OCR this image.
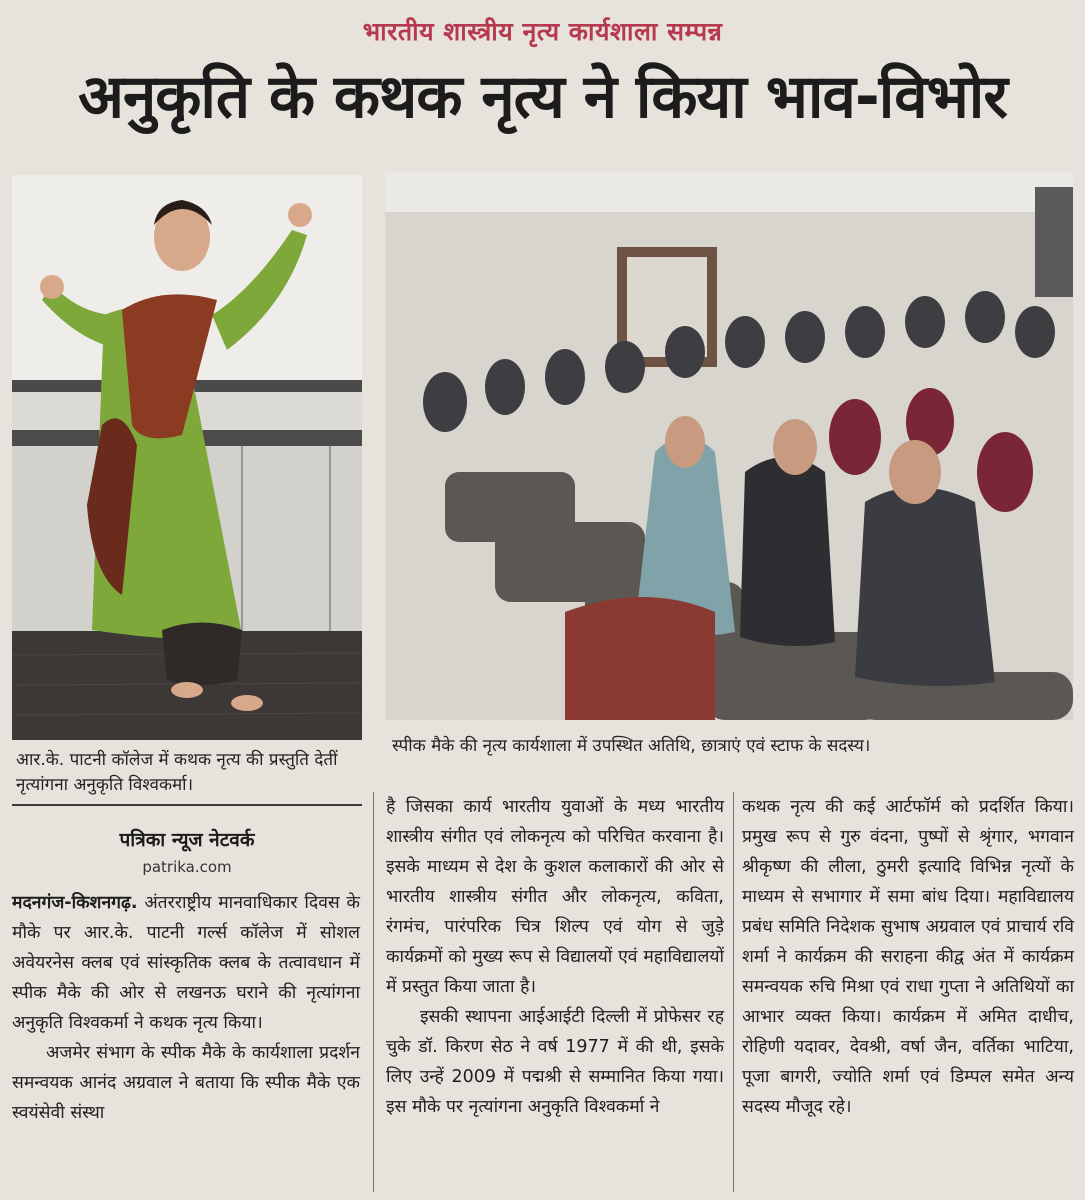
भारतीय शास्त्रीय नृत्य कार्यशाला सम्पन्न
अनुकृति के कथक नृत्य ने किया भाव-विभोर
आर.के. पाटनी कॉलेज में कथक नृत्य की प्रस्तुति देतीं नृत्यांगना अनुकृति विश्वकर्मा।
स्पीक मैके की नृत्य कार्यशाला में उपस्थित अतिथि, छात्राएं एवं स्टाफ के सदस्य।
पत्रिका न्यूज नेटवर्क
patrika.com

मदनगंज-किशनगढ़. अंतरराष्ट्रीय मानवाधिकार दिवस के मौके पर आर.के. पाटनी गर्ल्स कॉलेज में सोशल अवेयरनेस क्लब एवं सांस्कृतिक क्लब के तत्वावधान में स्पीक मैके की ओर से लखनऊ घराने की नृत्यांगना अनुकृति विश्वकर्मा ने कथक नृत्य किया।

अजमेर संभाग के स्पीक मैके के कार्यशाला प्रदर्शन समन्वयक आनंद अग्रवाल ने बताया कि स्पीक मैके एक स्वयंसेवी संस्था

है जिसका कार्य भारतीय युवाओं के मध्य भारतीय शास्त्रीय संगीत एवं लोकनृत्य को परिचित करवाना है। इसके माध्यम से देश के कुशल कलाकारों की ओर से भारतीय शास्त्रीय संगीत और लोकनृत्य, कविता, रंगमंच, पारंपरिक चित्र शिल्प एवं योग से जुड़े कार्यक्रमों को मुख्य रूप से विद्यालयों एवं महाविद्यालयों में प्रस्तुत किया जाता है।

इसकी स्थापना आईआईटी दिल्ली में प्रोफेसर रह चुके डॉ. किरण सेठ ने वर्ष 1977 में की थी, इसके लिए उन्हें 2009 में पद्मश्री से सम्मानित किया गया। इस मौके पर नृत्यांगना अनुकृति विश्वकर्मा ने

कथक नृत्य की कई आर्टफॉर्म को प्रदर्शित किया। प्रमुख रूप से गुरु वंदना, पुष्पों से श्रृंगार, भगवान श्रीकृष्ण की लीला, ठुमरी इत्यादि विभिन्न नृत्यों के माध्यम से सभागार में समा बांध दिया। महाविद्यालय प्रबंध समिति निदेशक सुभाष अग्रवाल एवं प्राचार्य रवि शर्मा ने कार्यक्रम की सराहना कीद्व अंत में कार्यक्रम समन्वयक रुचि मिश्रा एवं राधा गुप्ता ने अतिथियों का आभार व्यक्त किया। कार्यक्रम में अमित दाधीच, रोहिणी यदावर, देवश्री, वर्षा जैन, वर्तिका भाटिया, पूजा बागरी, ज्योति शर्मा एवं डिम्पल समेत अन्य सदस्य मौजूद रहे।
